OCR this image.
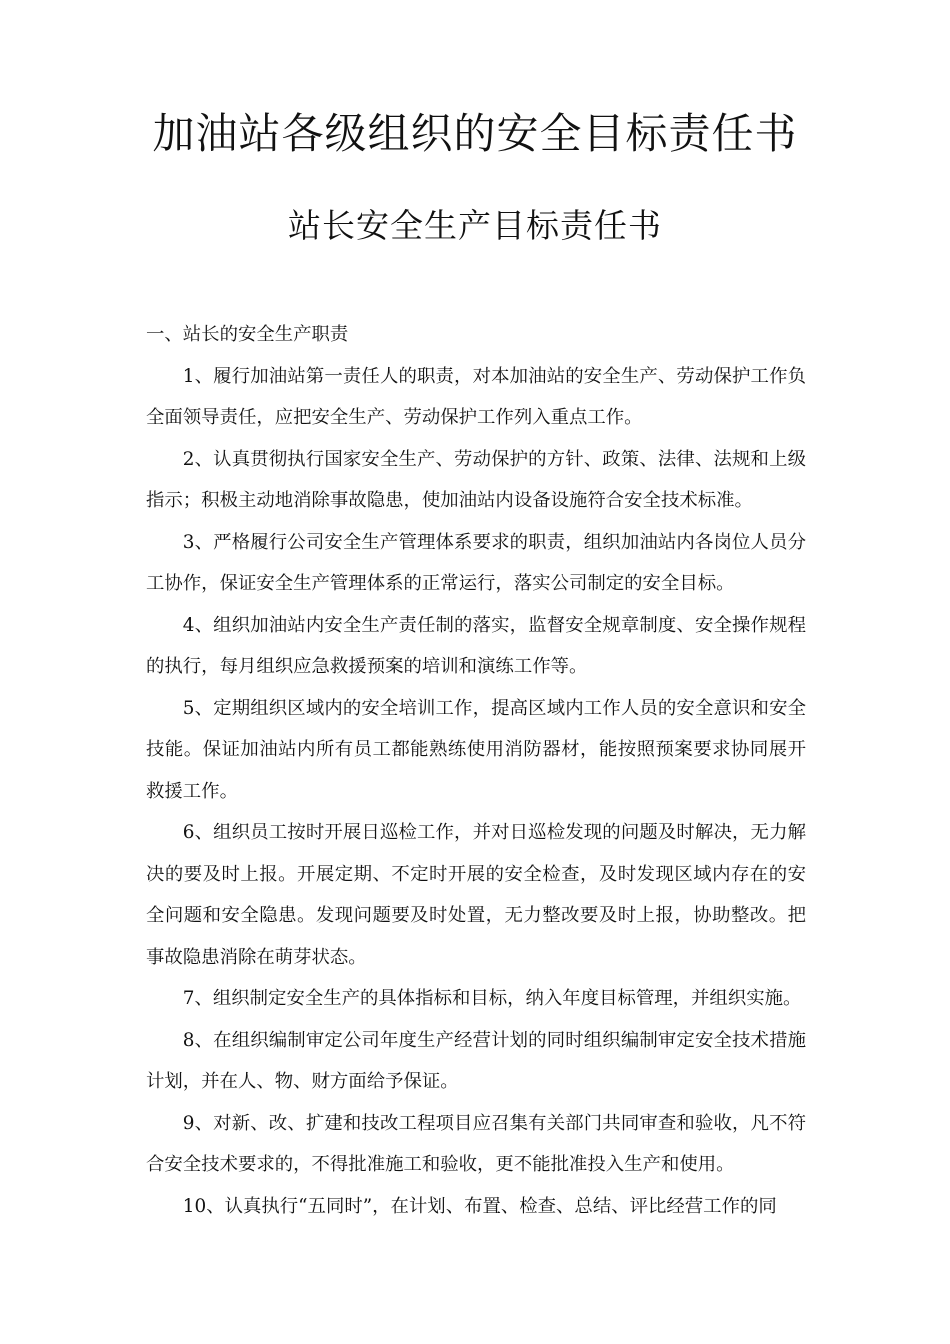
加油站各级组织的安全目标责任书
站长安全生产目标责任书

一、站长的安全生产职责

1、履行加油站第一责任人的职责，对本加油站的安全生产、劳动保护工作负全面领导责任，应把安全生产、劳动保护工作列入重点工作。

2、认真贯彻执行国家安全生产、劳动保护的方针、政策、法律、法规和上级指示；积极主动地消除事故隐患，使加油站内设备设施符合安全技术标准。

3、严格履行公司安全生产管理体系要求的职责，组织加油站内各岗位人员分工协作，保证安全生产管理体系的正常运行，落实公司制定的安全目标。

4、组织加油站内安全生产责任制的落实，监督安全规章制度、安全操作规程的执行，每月组织应急救援预案的培训和演练工作等。

5、定期组织区域内的安全培训工作，提高区域内工作人员的安全意识和安全技能。保证加油站内所有员工都能熟练使用消防器材，能按照预案要求协同展开救援工作。

6、组织员工按时开展日巡检工作，并对日巡检发现的问题及时解决，无力解决的要及时上报。开展定期、不定时开展的安全检查，及时发现区域内存在的安全问题和安全隐患。发现问题要及时处置，无力整改要及时上报，协助整改。把事故隐患消除在萌芽状态。

7、组织制定安全生产的具体指标和目标，纳入年度目标管理，并组织实施。

8、在组织编制审定公司年度生产经营计划的同时组织编制审定安全技术措施计划，并在人、物、财方面给予保证。

9、对新、改、扩建和技改工程项目应召集有关部门共同审查和验收，凡不符合安全技术要求的，不得批准施工和验收，更不能批准投入生产和使用。

10、认真执行“五同时”，在计划、布置、检查、总结、评比经营工作的同
